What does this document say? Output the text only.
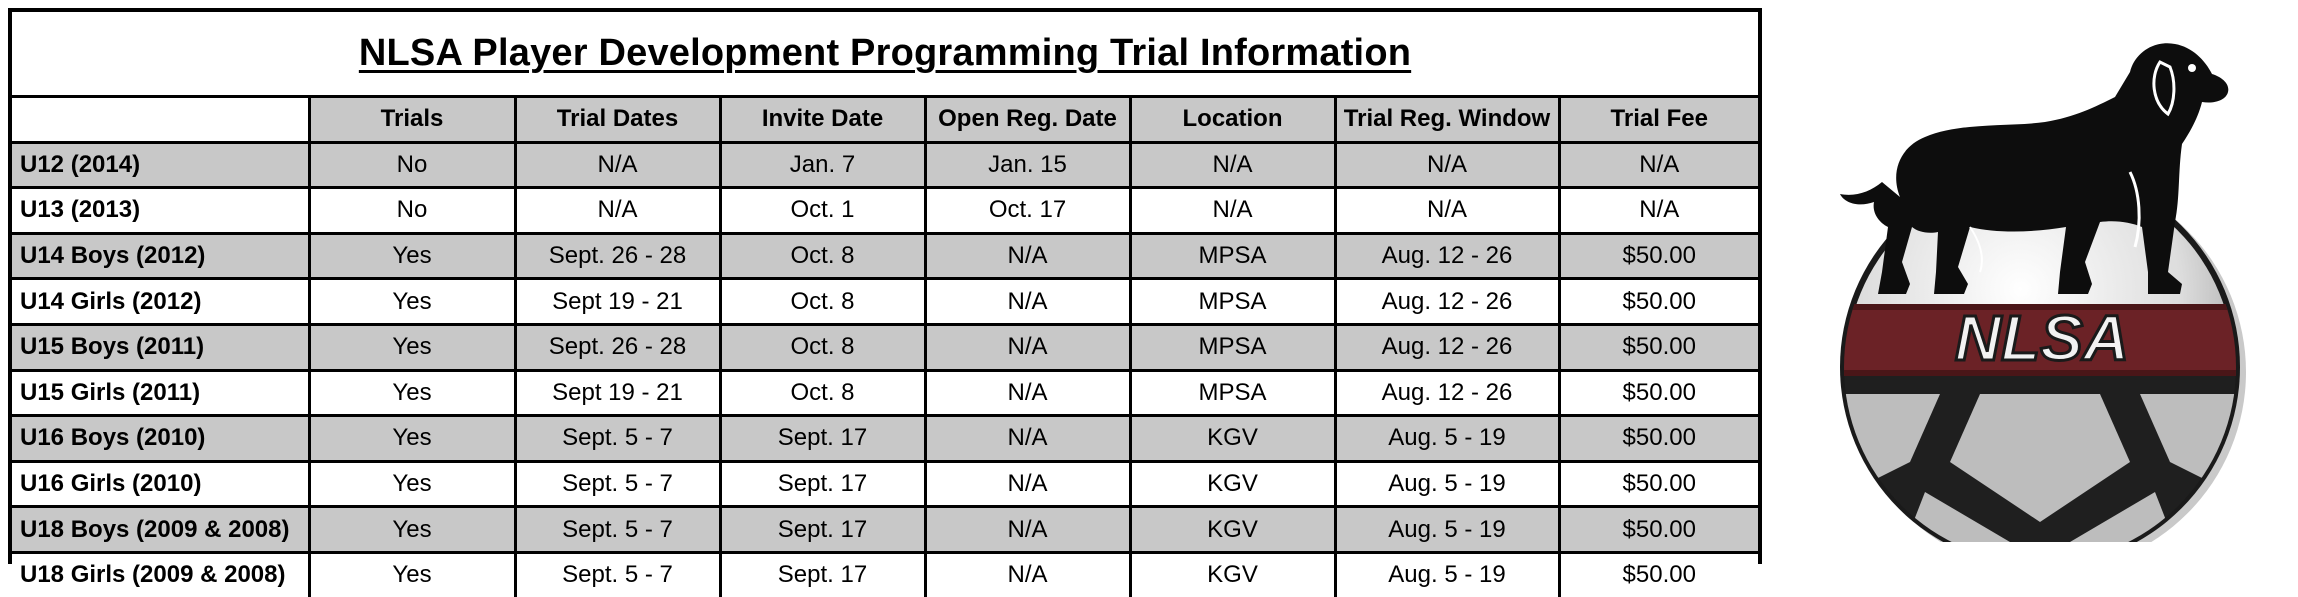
NLSA Player Development Programming Trial Information
	Trials	Trial Dates	Invite Date	Open Reg. Date	Location	Trial Reg. Window	Trial Fee
U12 (2014)	No	N/A	Jan. 7	Jan. 15	N/A	N/A	N/A
U13 (2013)	No	N/A	Oct. 1	Oct. 17	N/A	N/A	N/A
U14 Boys (2012)	Yes	Sept. 26 - 28	Oct. 8	N/A	MPSA	Aug. 12 - 26	$50.00
U14 Girls (2012)	Yes	Sept 19 - 21	Oct. 8	N/A	MPSA	Aug. 12 - 26	$50.00
U15 Boys (2011)	Yes	Sept. 26 - 28	Oct. 8	N/A	MPSA	Aug. 12 - 26	$50.00
U15 Girls (2011)	Yes	Sept 19 - 21	Oct. 8	N/A	MPSA	Aug. 12 - 26	$50.00
U16 Boys (2010)	Yes	Sept. 5 - 7	Sept. 17	N/A	KGV	Aug. 5 - 19	$50.00
U16 Girls (2010)	Yes	Sept. 5 - 7	Sept. 17	N/A	KGV	Aug. 5 - 19	$50.00
U18 Boys (2009 & 2008)	Yes	Sept. 5 - 7	Sept. 17	N/A	KGV	Aug. 5 - 19	$50.00
U18 Girls (2009 & 2008)	Yes	Sept. 5 - 7	Sept. 17	N/A	KGV	Aug. 5 - 19	$50.00
NLSA
